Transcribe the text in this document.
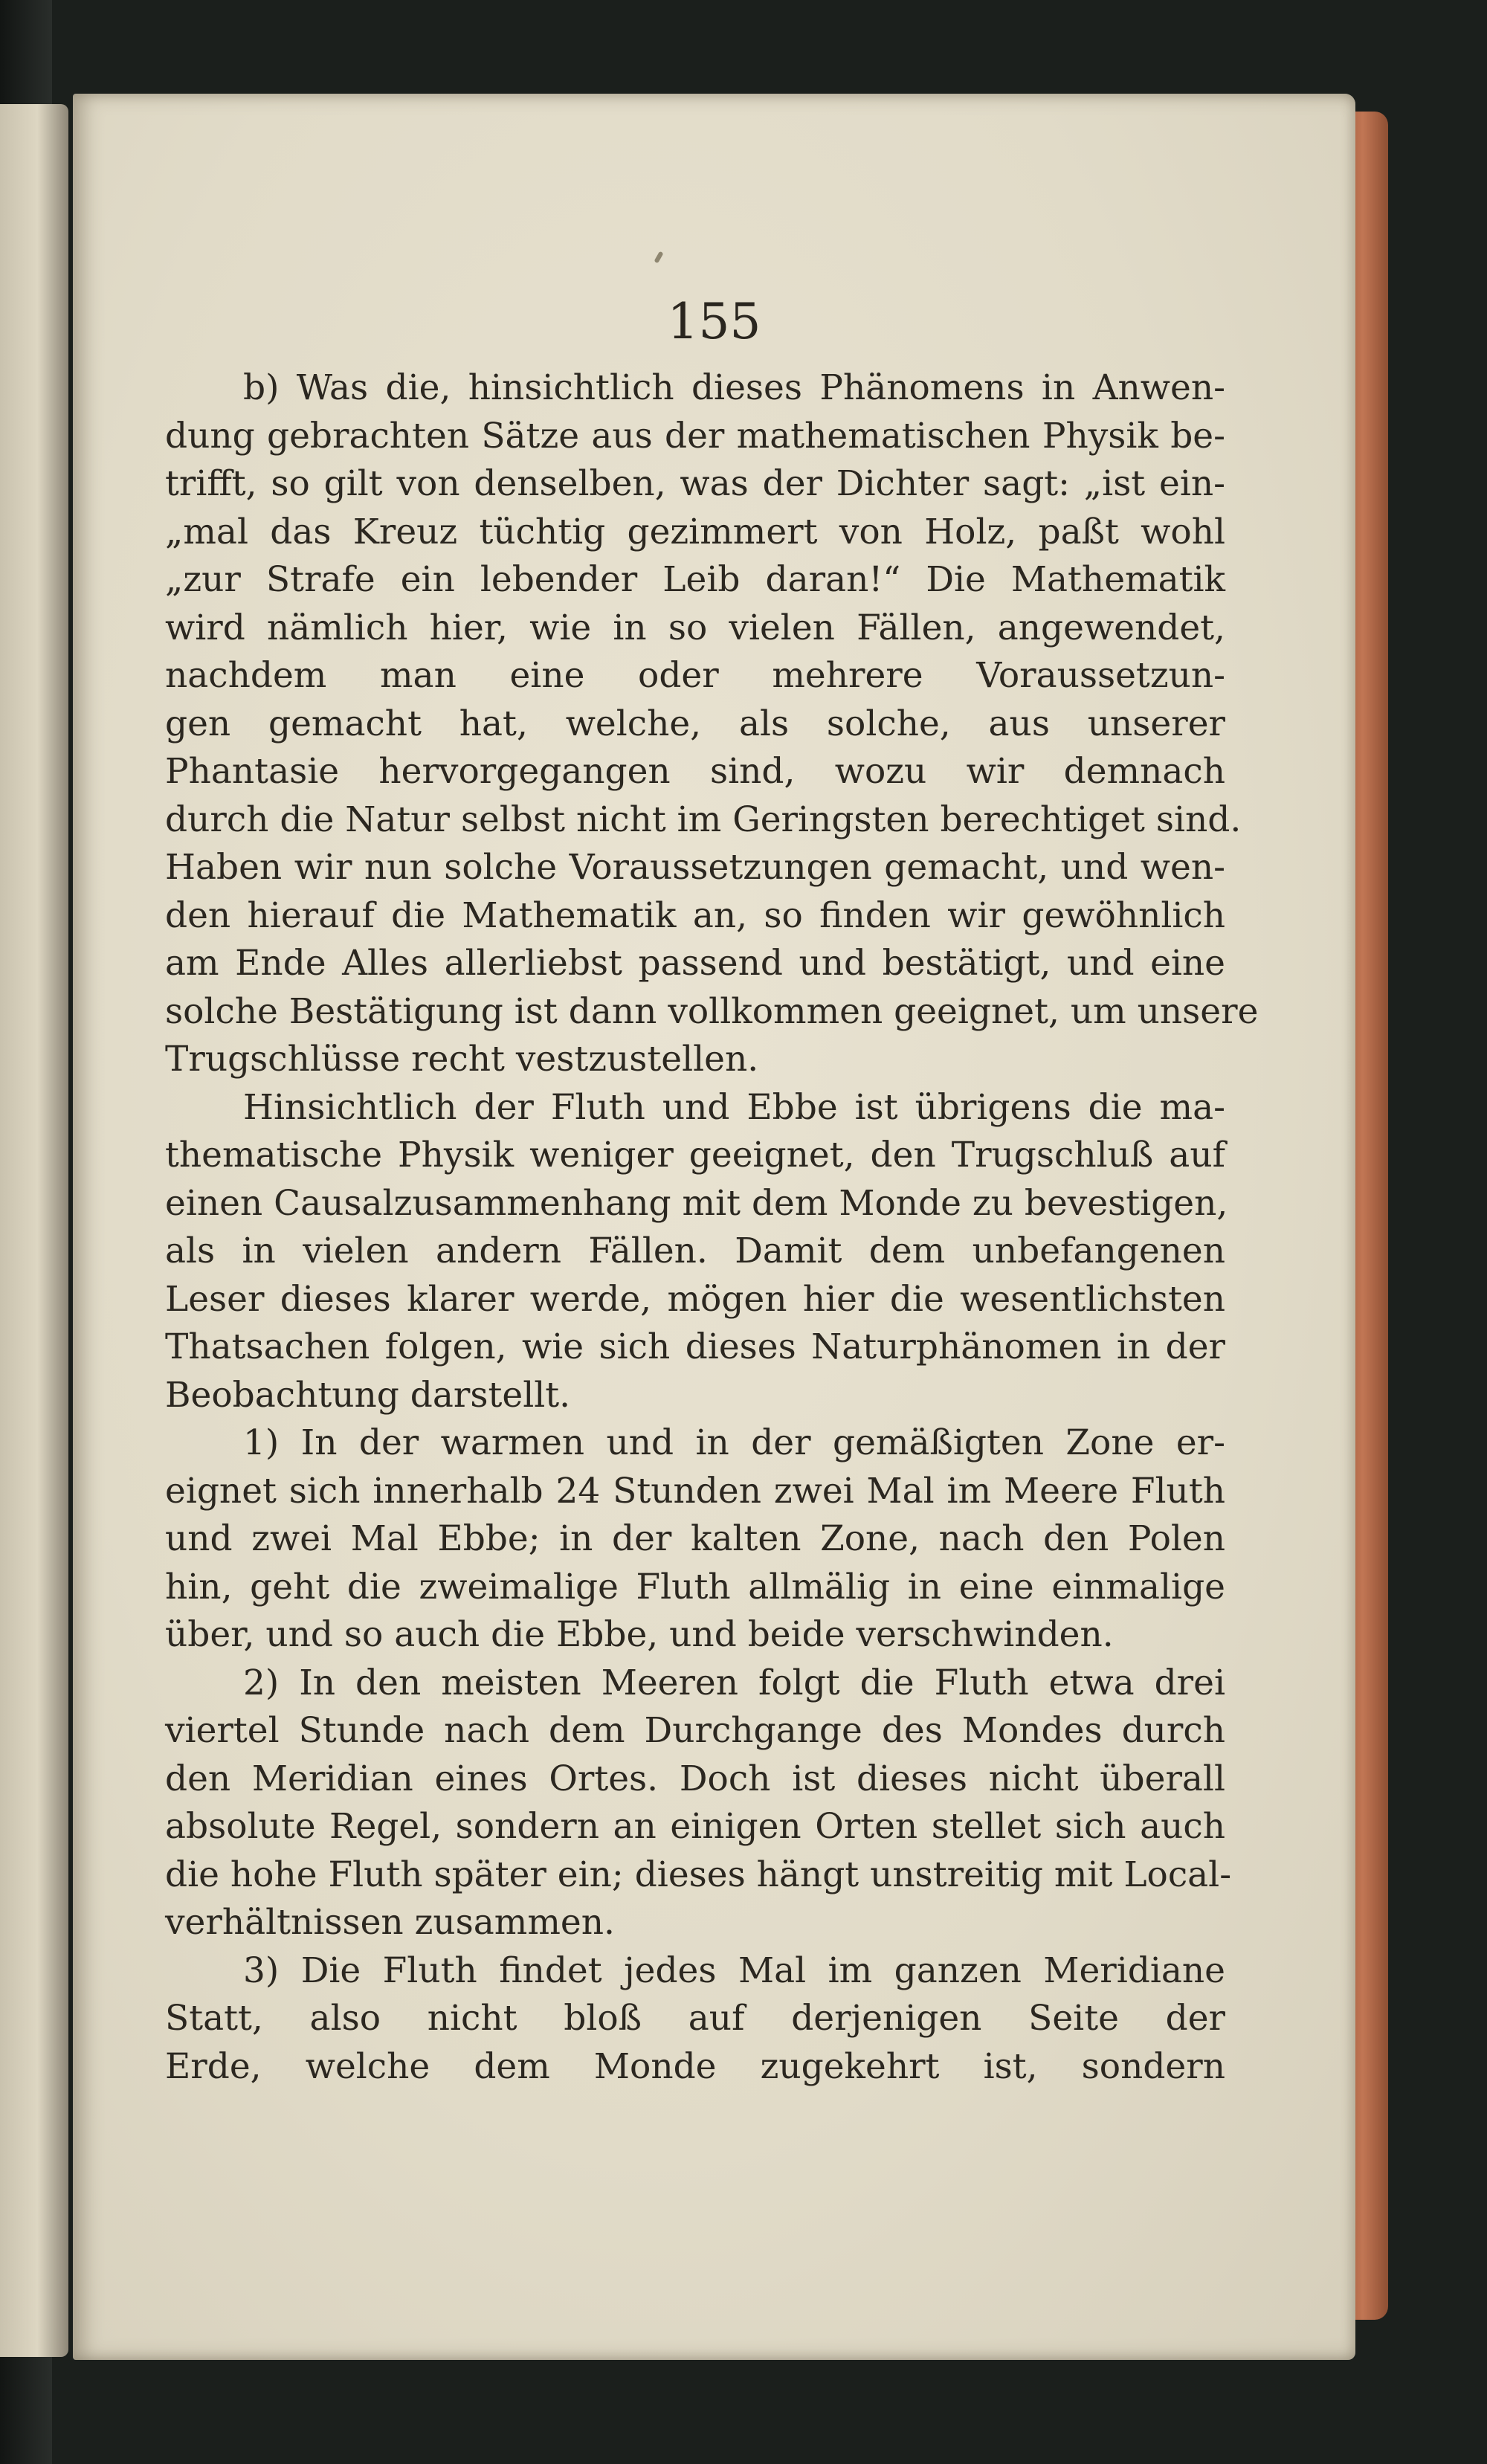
155
b) Was die, hinsichtlich dieses Phänomens in Anwen-
dung gebrachten Sätze aus der mathematischen Physik be-
trifft, so gilt von denselben, was der Dichter sagt: „ist ein-
„mal das Kreuz tüchtig gezimmert von Holz, paßt wohl
„zur Strafe ein lebender Leib daran!“ Die Mathematik
wird nämlich hier, wie in so vielen Fällen, angewendet,
nachdem man eine oder mehrere Voraussetzun-
gen gemacht hat, welche, als solche, aus unserer
Phantasie hervorgegangen sind, wozu wir demnach
durch die Natur selbst nicht im Geringsten berechtiget sind.
Haben wir nun solche Voraussetzungen gemacht, und wen-
den hierauf die Mathematik an, so finden wir gewöhnlich
am Ende Alles allerliebst passend und bestätigt, und eine
solche Bestätigung ist dann vollkommen geeignet, um unsere
Trugschlüsse recht vestzustellen.
Hinsichtlich der Fluth und Ebbe ist übrigens die ma-
thematische Physik weniger geeignet, den Trugschluß auf
einen Causalzusammenhang mit dem Monde zu bevestigen,
als in vielen andern Fällen. Damit dem unbefangenen
Leser dieses klarer werde, mögen hier die wesentlichsten
Thatsachen folgen, wie sich dieses Naturphänomen in der
Beobachtung darstellt.
1) In der warmen und in der gemäßigten Zone er-
eignet sich innerhalb 24 Stunden zwei Mal im Meere Fluth
und zwei Mal Ebbe; in der kalten Zone, nach den Polen
hin, geht die zweimalige Fluth allmälig in eine einmalige
über, und so auch die Ebbe, und beide verschwinden.
2) In den meisten Meeren folgt die Fluth etwa drei
viertel Stunde nach dem Durchgange des Mondes durch
den Meridian eines Ortes. Doch ist dieses nicht überall
absolute Regel, sondern an einigen Orten stellet sich auch
die hohe Fluth später ein; dieses hängt unstreitig mit Local-
verhältnissen zusammen.
3) Die Fluth findet jedes Mal im ganzen Meridiane
Statt, also nicht bloß auf derjenigen Seite der
Erde, welche dem Monde zugekehrt ist, sondern
